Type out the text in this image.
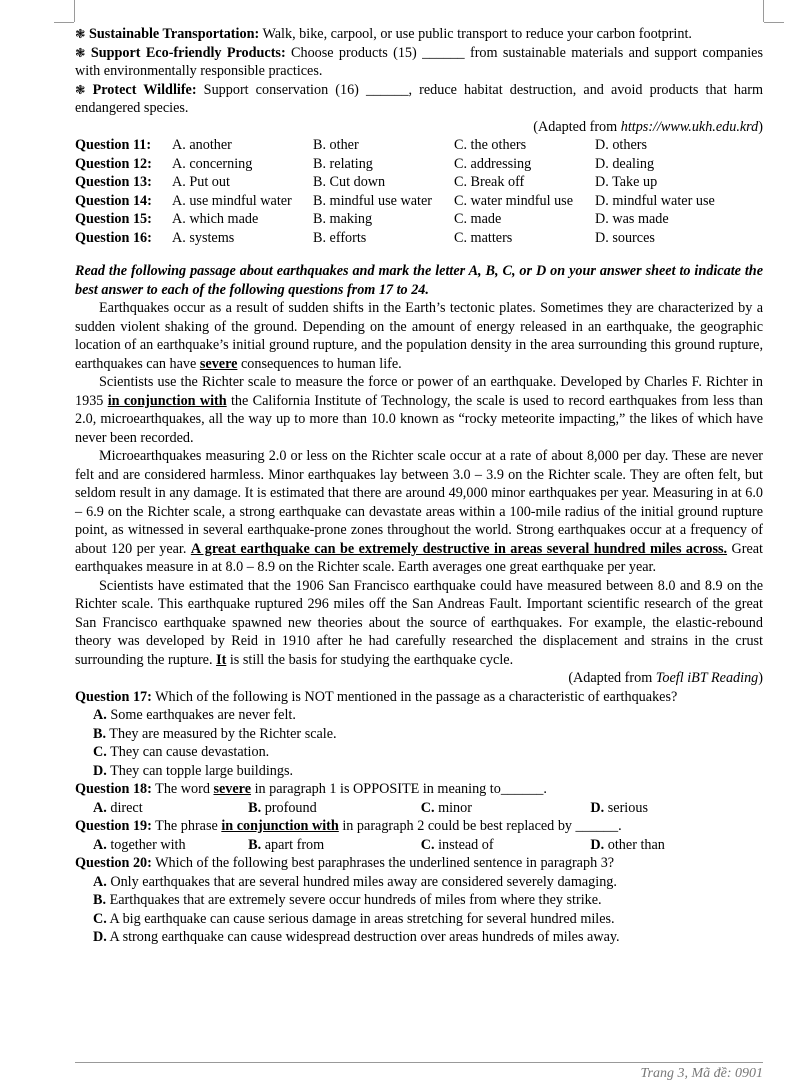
❃ Sustainable Transportation: Walk, bike, carpool, or use public transport to reduce your carbon footprint.

❃ Support Eco-friendly Products: Choose products (15) ______ from sustainable materials and support companies with environmentally responsible practices.

❃ Protect Wildlife: Support conservation (16) ______, reduce habitat destruction, and avoid products that harm endangered species.

(Adapted from https://www.ukh.edu.krd)

Question 11:	A. another	B. other	C. the others	D. others
Question 12:	A. concerning	B. relating	C. addressing	D. dealing
Question 13:	A. Put out	B. Cut down	C. Break off	D. Take up
Question 14:	A. use mindful water	B. mindful use water	C. water mindful use	D. mindful water use
Question 15:	A. which made	B. making	C. made	D. was made
Question 16:	A. systems	B. efforts	C. matters	D. sources

Read the following passage about earthquakes and mark the letter A, B, C, or D on your answer sheet to indicate the best answer to each of the following questions from 17 to 24.

Earthquakes occur as a result of sudden shifts in the Earth’s tectonic plates. Sometimes they are characterized by a sudden violent shaking of the ground. Depending on the amount of energy released in an earthquake, the geographic location of an earthquake’s initial ground rupture, and the population density in the area surrounding this ground rupture, earthquakes can have severe consequences to human life.

Scientists use the Richter scale to measure the force or power of an earthquake. Developed by Charles F. Richter in 1935 in conjunction with the California Institute of Technology, the scale is used to record earthquakes from less than 2.0, microearthquakes, all the way up to more than 10.0 known as “rocky meteorite impacting,” the likes of which have never been recorded.

Microearthquakes measuring 2.0 or less on the Richter scale occur at a rate of about 8,000 per day. These are never felt and are considered harmless. Minor earthquakes lay between 3.0 – 3.9 on the Richter scale. They are often felt, but seldom result in any damage. It is estimated that there are around 49,000 minor earthquakes per year. Measuring in at 6.0 – 6.9 on the Richter scale, a strong earthquake can devastate areas within a 100-mile radius of the initial ground rupture point, as witnessed in several earthquake-prone zones throughout the world. Strong earthquakes occur at a frequency of about 120 per year. A great earthquake can be extremely destructive in areas several hundred miles across. Great earthquakes measure in at 8.0 – 8.9 on the Richter scale. Earth averages one great earthquake per year.

Scientists have estimated that the 1906 San Francisco earthquake could have measured between 8.0 and 8.9 on the Richter scale. This earthquake ruptured 296 miles off the San Andreas Fault. Important scientific research of the great San Francisco earthquake spawned new theories about the source of earthquakes. For example, the elastic-rebound theory was developed by Reid in 1910 after he had carefully researched the displacement and strains in the crust surrounding the rupture. It is still the basis for studying the earthquake cycle.

(Adapted from Toefl iBT Reading)

Question 17: Which of the following is NOT mentioned in the passage as a characteristic of earthquakes?

A. Some earthquakes are never felt.

B. They are measured by the Richter scale.

C. They can cause devastation.

D. They can topple large buildings.

Question 18: The word severe in paragraph 1 is OPPOSITE in meaning to______.

A. direct	B. profound	C. minor	D. serious

Question 19: The phrase in conjunction with in paragraph 2 could be best replaced by ______.

A. together with	B. apart from	C. instead of	D. other than

Question 20: Which of the following best paraphrases the underlined sentence in paragraph 3?

A. Only earthquakes that are several hundred miles away are considered severely damaging.

B. Earthquakes that are extremely severe occur hundreds of miles from where they strike.

C. A big earthquake can cause serious damage in areas stretching for several hundred miles.

D. A strong earthquake can cause widespread destruction over areas hundreds of miles away.

Trang 3, Mã đề: 0901
